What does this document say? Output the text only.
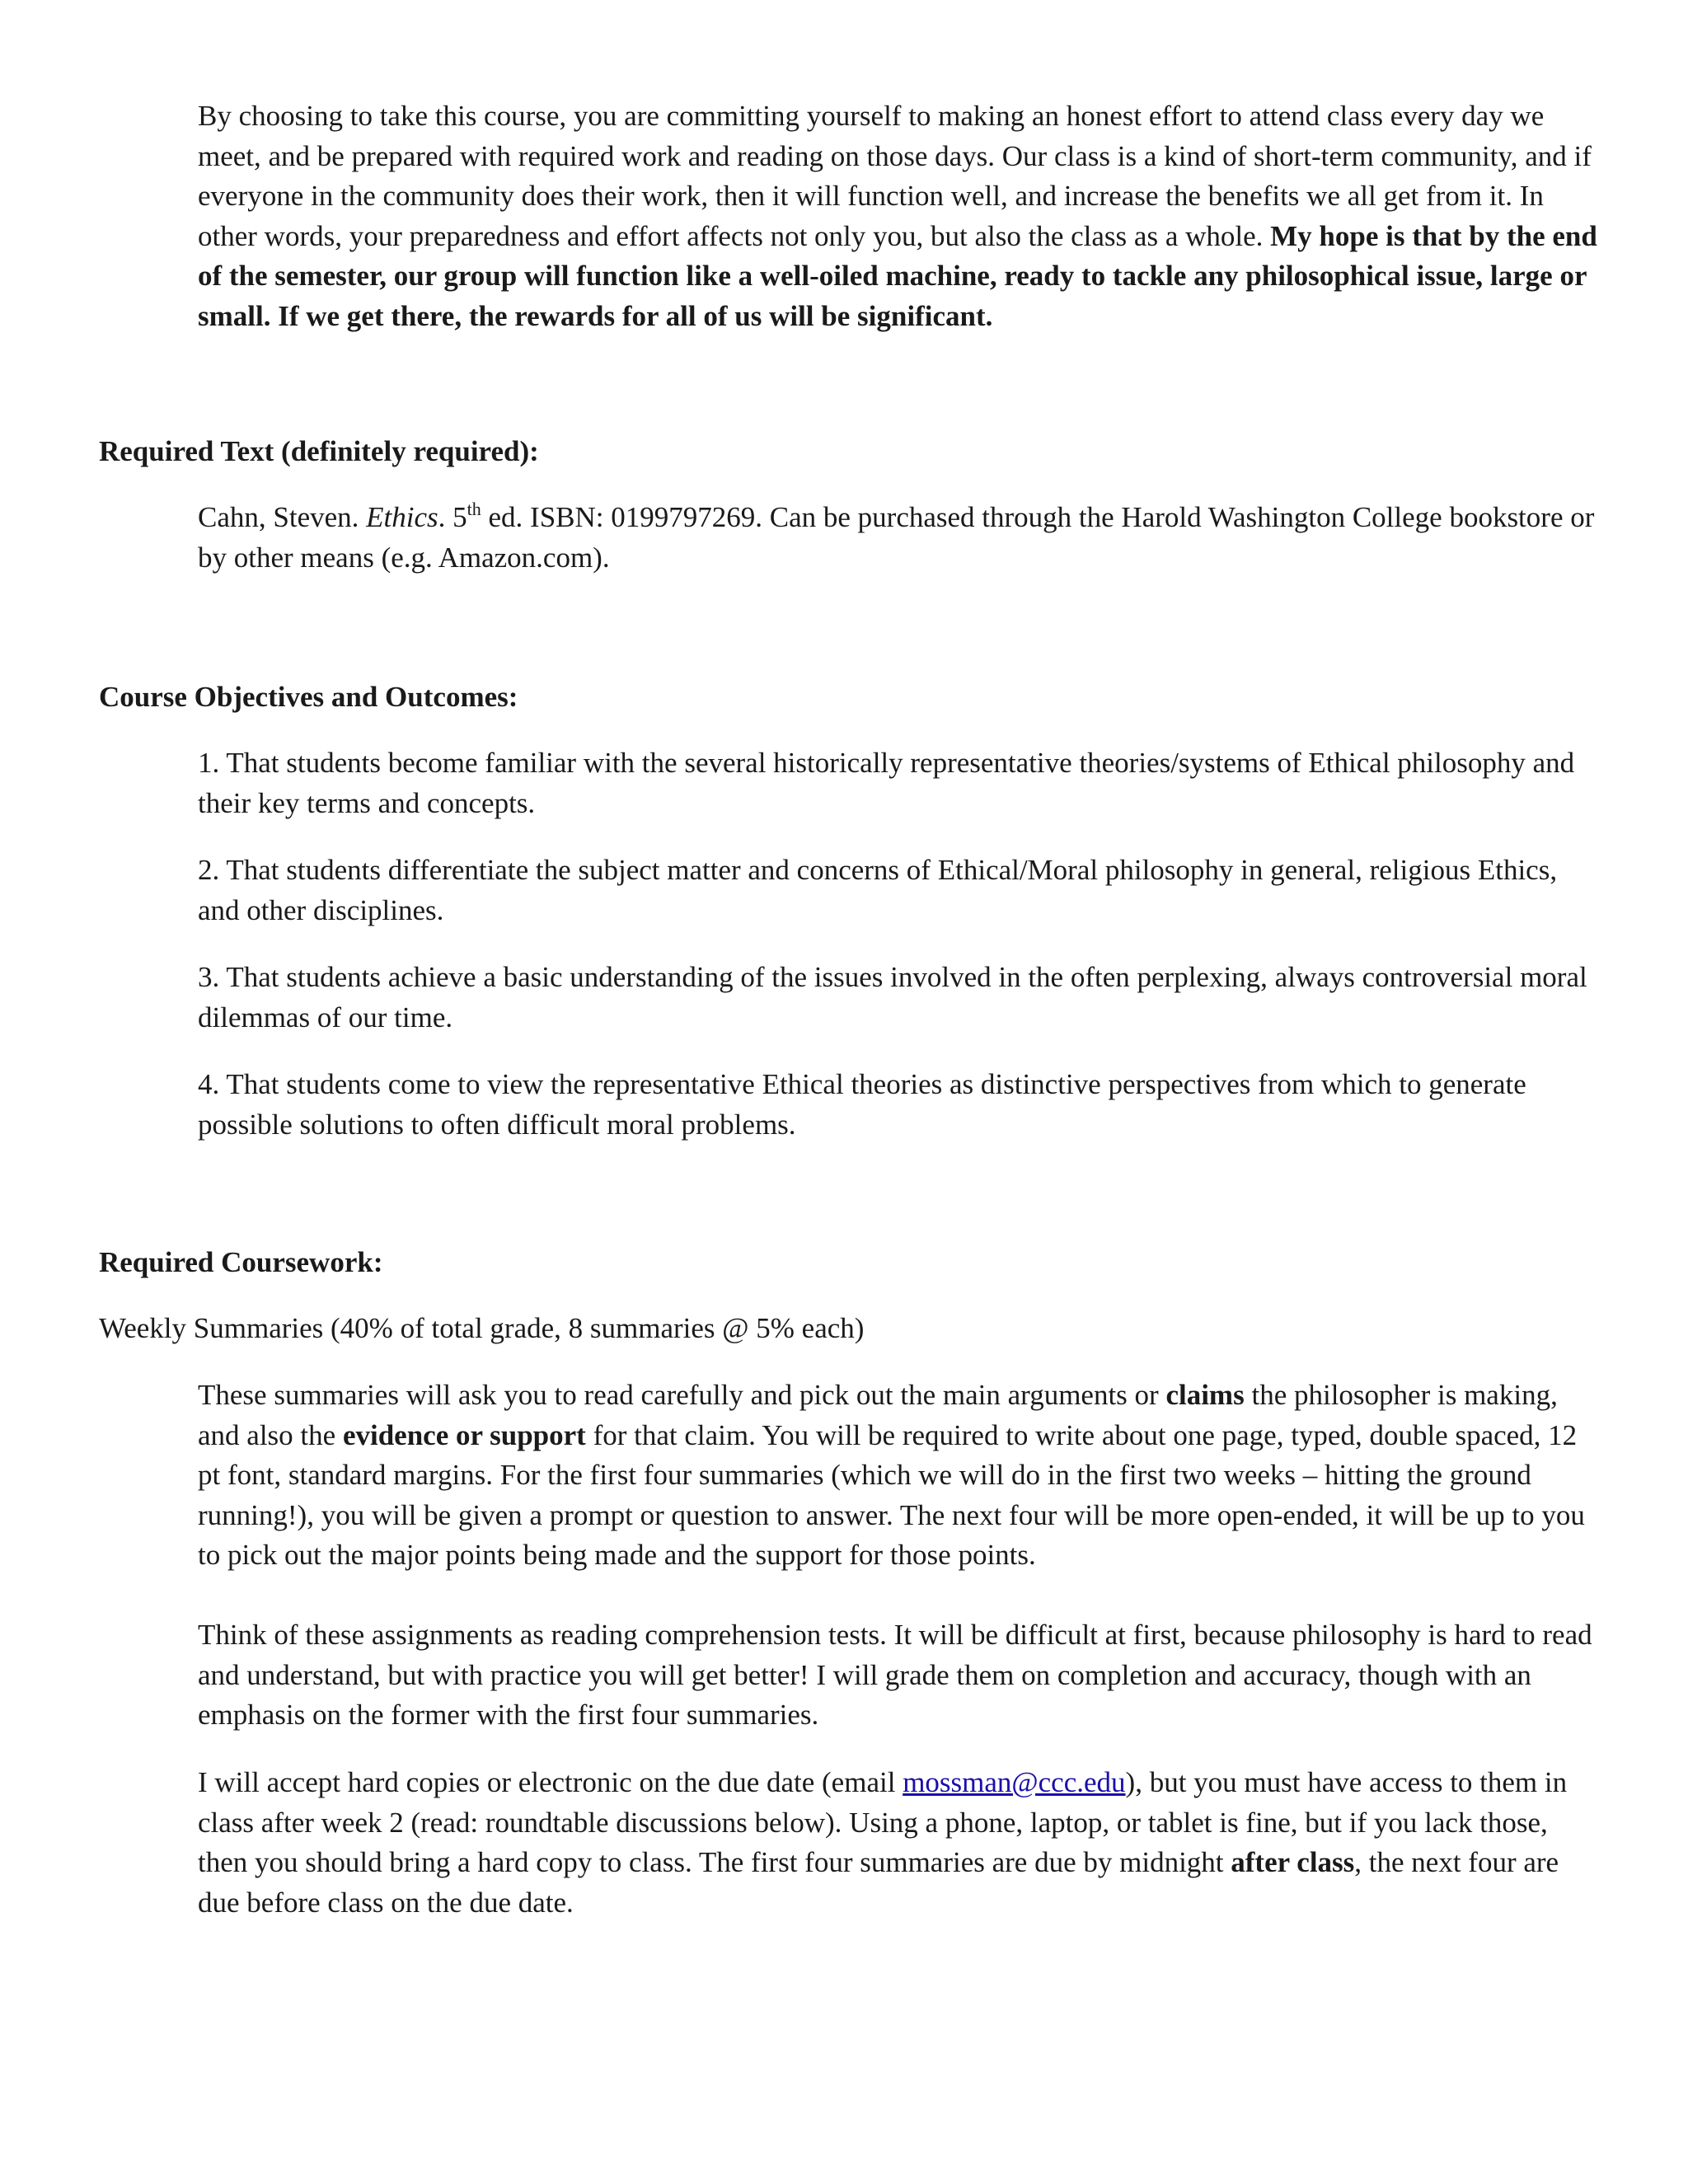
By choosing to take this course, you are committing yourself to making an honest effort to attend class every day we meet, and be prepared with required work and reading on those days. Our class is a kind of short-term community, and if everyone in the community does their work, then it will function well, and increase the benefits we all get from it. In other words, your preparedness and effort affects not only you, but also the class as a whole. My hope is that by the end of the semester, our group will function like a well-oiled machine, ready to tackle any philosophical issue, large or small. If we get there, the rewards for all of us will be significant.

Required Text (definitely required):

Cahn, Steven. Ethics. 5th ed. ISBN: 0199797269. Can be purchased through the Harold Washington College bookstore or by other means (e.g. Amazon.com).

Course Objectives and Outcomes:

1. That students become familiar with the several historically representative theories/systems of Ethical philosophy and their key terms and concepts.

2. That students differentiate the subject matter and concerns of Ethical/Moral philosophy in general, religious Ethics, and other disciplines.

3. That students achieve a basic understanding of the issues involved in the often perplexing, always controversial moral dilemmas of our time.

4. That students come to view the representative Ethical theories as distinctive perspectives from which to generate possible solutions to often difficult moral problems.

Required Coursework:

Weekly Summaries (40% of total grade, 8 summaries @ 5% each)

These summaries will ask you to read carefully and pick out the main arguments or claims the philosopher is making, and also the evidence or support for that claim. You will be required to write about one page, typed, double spaced, 12 pt font, standard margins. For the first four summaries (which we will do in the first two weeks – hitting the ground running!), you will be given a prompt or question to answer. The next four will be more open-ended, it will be up to you to pick out the major points being made and the support for those points.

Think of these assignments as reading comprehension tests. It will be difficult at first, because philosophy is hard to read and understand, but with practice you will get better! I will grade them on completion and accuracy, though with an emphasis on the former with the first four summaries.

I will accept hard copies or electronic on the due date (email mossman@ccc.edu), but you must have access to them in class after week 2 (read: roundtable discussions below). Using a phone, laptop, or tablet is fine, but if you lack those, then you should bring a hard copy to class. The first four summaries are due by midnight after class, the next four are due before class on the due date.
